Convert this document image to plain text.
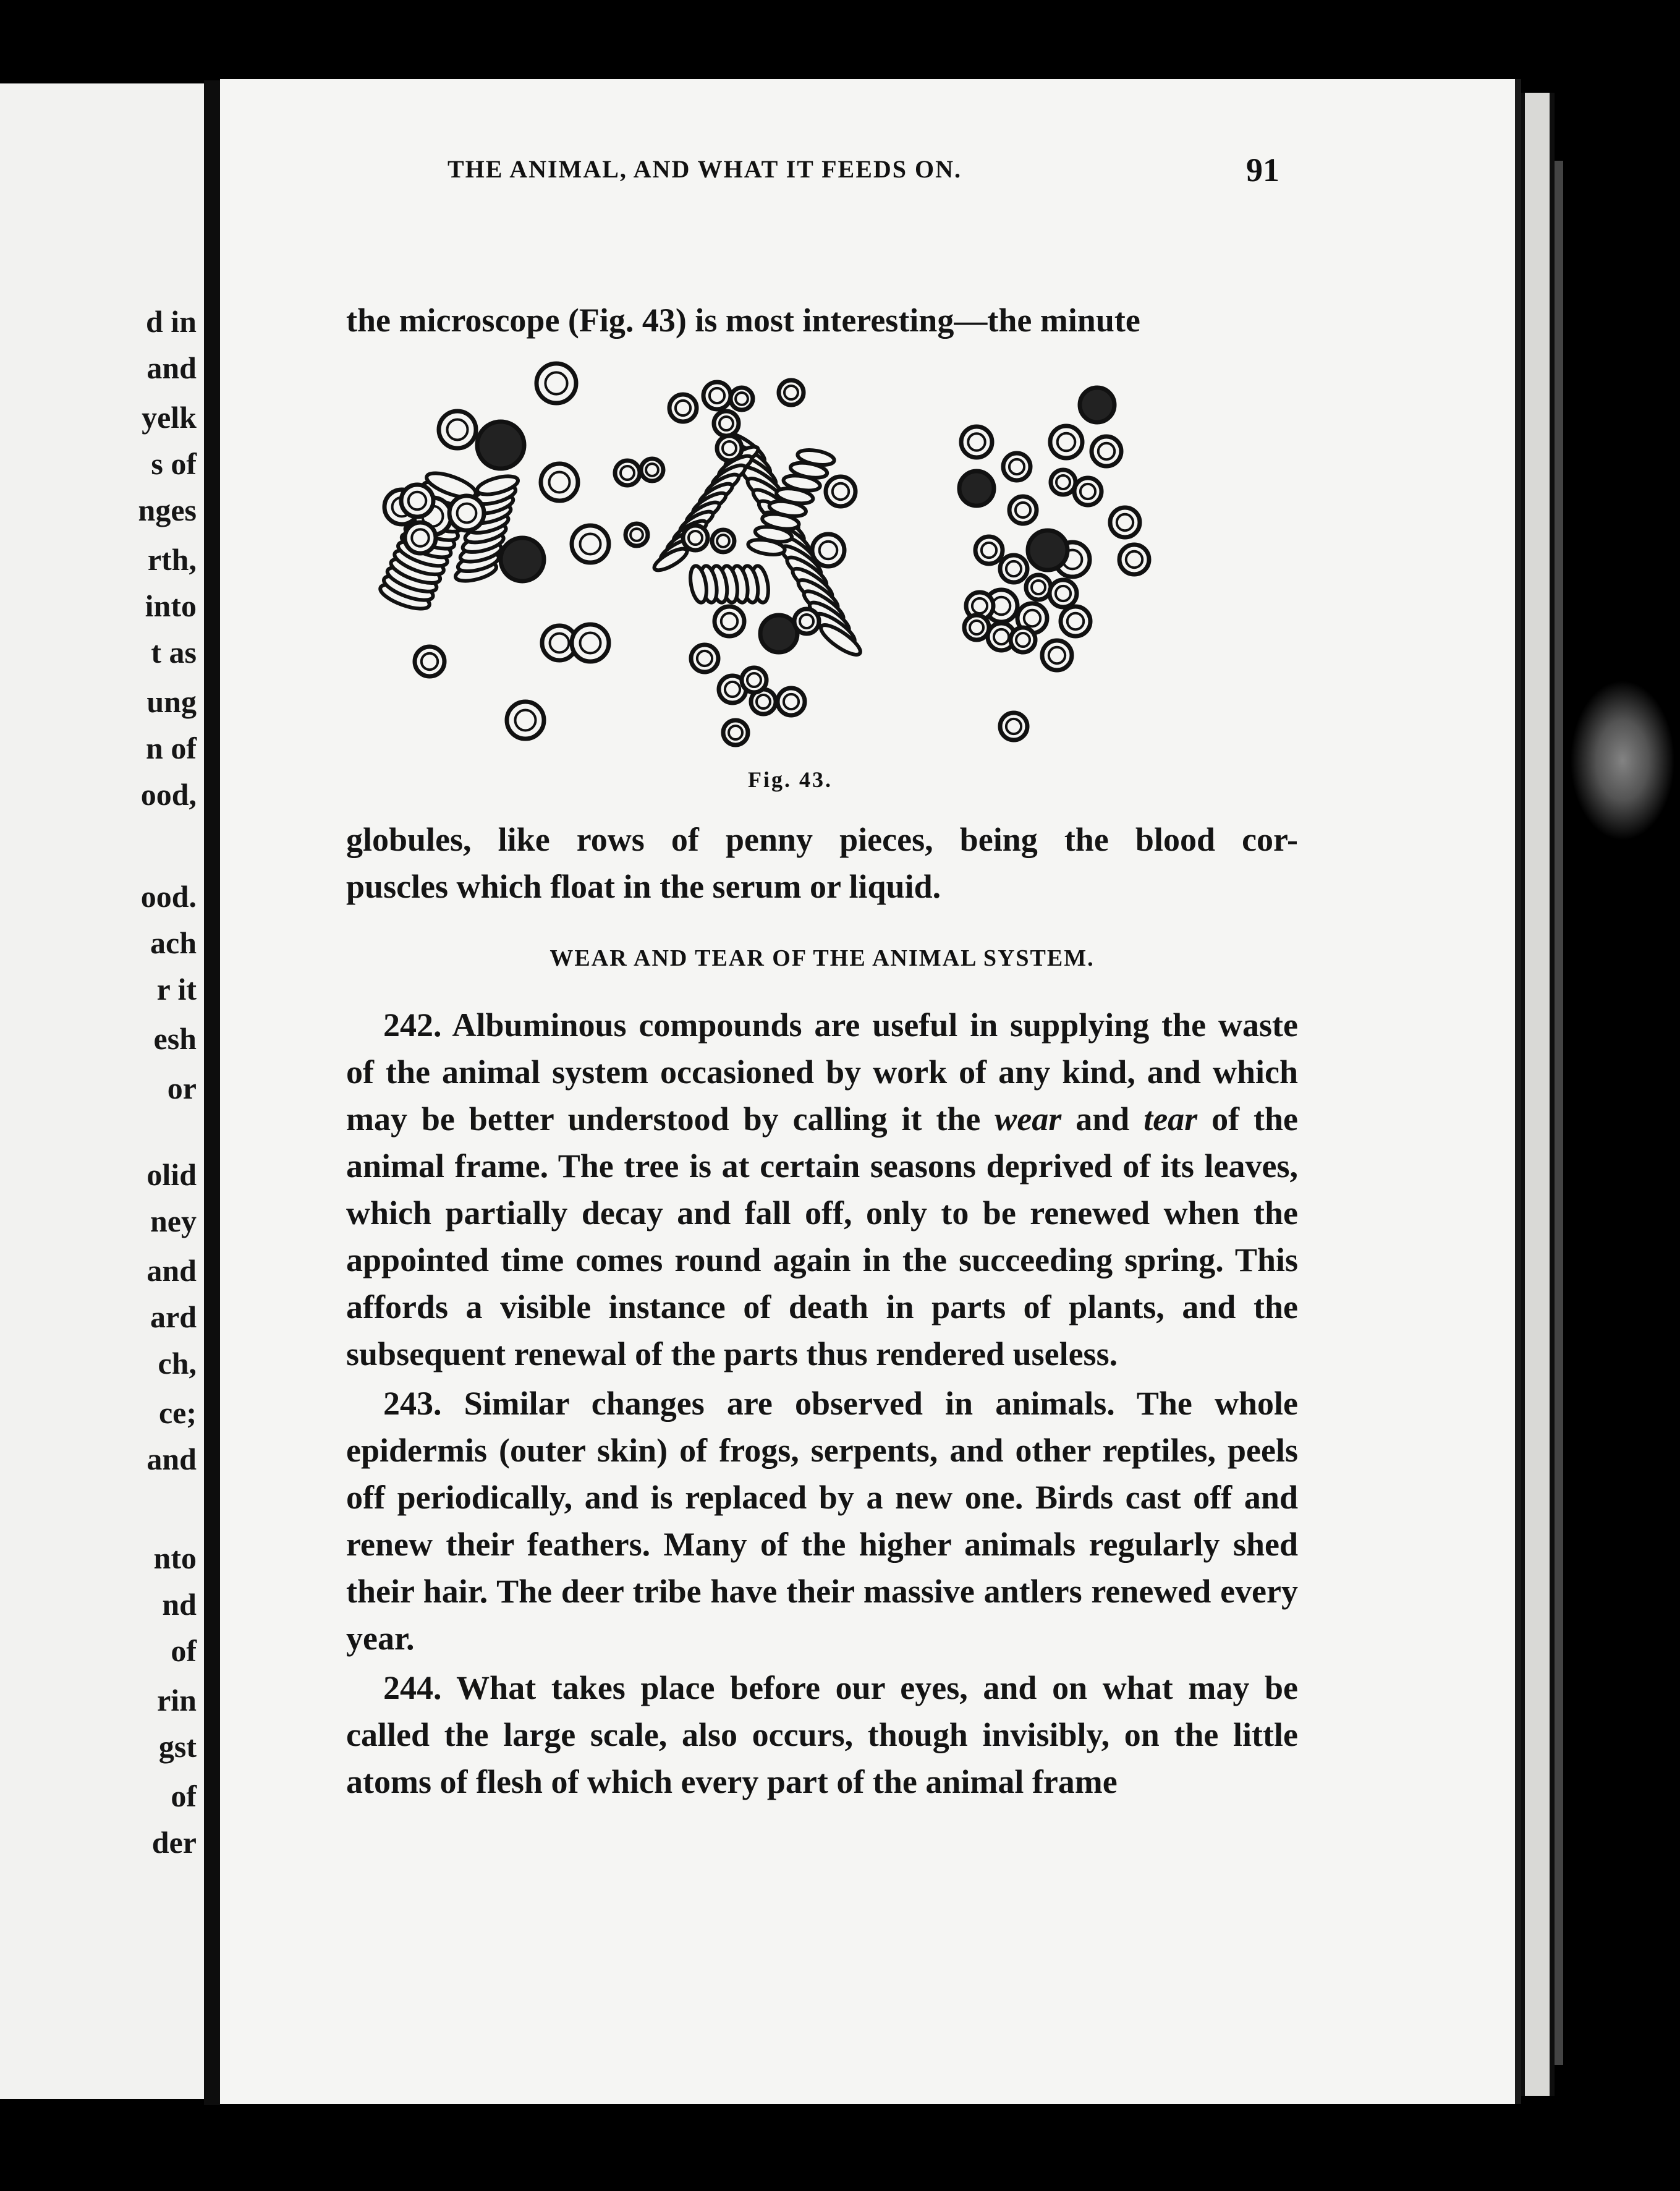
d in
and
yelk
s of
nges
rth,
into
t as
ung
n of
ood,
ood.
ach
r it
esh
or
olid
ney
and
ard
ch,
ce;
and
nto
nd
of
rin
gst
of
der
THE ANIMAL, AND WHAT IT FEEDS ON.	91

the microscope (Fig. 43) is most interesting—the minute

Fig. 43.

globules, like rows of penny pieces, being the blood cor-

puscles which float in the serum or liquid.

WEAR AND TEAR OF THE ANIMAL SYSTEM.

242. Albuminous compounds are useful in supplying the waste of the animal system occasioned by work of any kind, and which may be better understood by calling it the wear and tear of the animal frame. The tree is at certain seasons deprived of its leaves, which partially decay and fall off, only to be renewed when the appointed time comes round again in the succeeding spring. This affords a visible instance of death in parts of plants, and the subsequent renewal of the parts thus rendered useless.

243. Similar changes are observed in animals. The whole epidermis (outer skin) of frogs, serpents, and other reptiles, peels off periodically, and is replaced by a new one. Birds cast off and renew their feathers. Many of the higher animals regularly shed their hair. The deer tribe have their massive antlers renewed every year.

244. What takes place before our eyes, and on what may be called the large scale, also occurs, though invisibly, on the little atoms of flesh of which every part of the animal frame
